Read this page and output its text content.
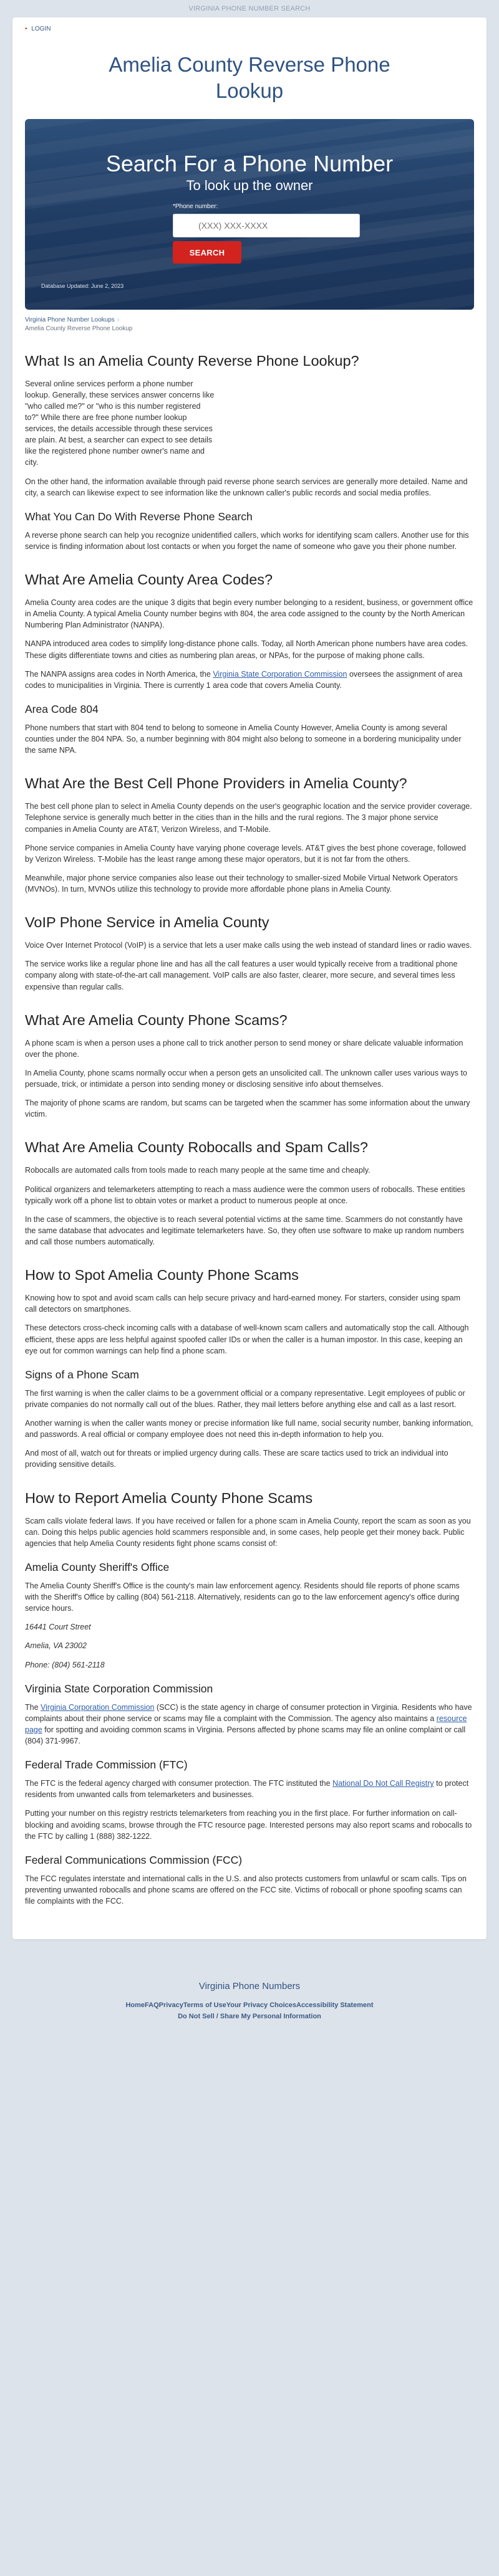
VIRGINIA PHONE NUMBER SEARCH
• LOGIN
Amelia County Reverse Phone Lookup
Search For a Phone Number
To look up the owner
*Phone number:
(XXX) XXX-XXXX SEARCH
Database Updated: June 2, 2023
Virginia Phone Number Lookups ›
Amelia County Reverse Phone Lookup
What Is an Amelia County Reverse Phone Lookup?

Several online services perform a phone number lookup. Generally, these services answer concerns like "who called me?" or "who is this number registered to?" While there are free phone number lookup services, the details accessible through these services are plain. At best, a searcher can expect to see details like the registered phone number owner's name and city.

On the other hand, the information available through paid reverse phone search services are generally more detailed. Name and city, a search can likewise expect to see information like the unknown caller's public records and social media profiles.

What You Can Do With Reverse Phone Search

A reverse phone search can help you recognize unidentified callers, which works for identifying scam callers. Another use for this service is finding information about lost contacts or when you forget the name of someone who gave you their phone number.

What Are Amelia County Area Codes?

Amelia County area codes are the unique 3 digits that begin every number belonging to a resident, business, or government office in Amelia County. A typical Amelia County number begins with 804, the area code assigned to the county by the North American Numbering Plan Administrator (NANPA).

NANPA introduced area codes to simplify long-distance phone calls. Today, all North American phone numbers have area codes. These digits differentiate towns and cities as numbering plan areas, or NPAs, for the purpose of making phone calls.

The NANPA assigns area codes in North America, the Virginia State Corporation Commission oversees the assignment of area codes to municipalities in Virginia. There is currently 1 area code that covers Amelia County.

Area Code 804

Phone numbers that start with 804 tend to belong to someone in Amelia County However, Amelia County is among several counties under the 804 NPA. So, a number beginning with 804 might also belong to someone in a bordering municipality under the same NPA.

What Are the Best Cell Phone Providers in Amelia County?

The best cell phone plan to select in Amelia County depends on the user's geographic location and the service provider coverage. Telephone service is generally much better in the cities than in the hills and the rural regions. The 3 major phone service companies in Amelia County are AT&T, Verizon Wireless, and T-Mobile.

Phone service companies in Amelia County have varying phone coverage levels. AT&T gives the best phone coverage, followed by Verizon Wireless. T-Mobile has the least range among these major operators, but it is not far from the others.

Meanwhile, major phone service companies also lease out their technology to smaller-sized Mobile Virtual Network Operators (MVNOs). In turn, MVNOs utilize this technology to provide more affordable phone plans in Amelia County.

VoIP Phone Service in Amelia County

Voice Over Internet Protocol (VoIP) is a service that lets a user make calls using the web instead of standard lines or radio waves.

The service works like a regular phone line and has all the call features a user would typically receive from a traditional phone company along with state-of-the-art call management. VoIP calls are also faster, clearer, more secure, and several times less expensive than regular calls.

What Are Amelia County Phone Scams?

A phone scam is when a person uses a phone call to trick another person to send money or share delicate valuable information over the phone.

In Amelia County, phone scams normally occur when a person gets an unsolicited call. The unknown caller uses various ways to persuade, trick, or intimidate a person into sending money or disclosing sensitive info about themselves.

The majority of phone scams are random, but scams can be targeted when the scammer has some information about the unwary victim.

What Are Amelia County Robocalls and Spam Calls?

Robocalls are automated calls from tools made to reach many people at the same time and cheaply.

Political organizers and telemarketers attempting to reach a mass audience were the common users of robocalls. These entities typically work off a phone list to obtain votes or market a product to numerous people at once.

In the case of scammers, the objective is to reach several potential victims at the same time. Scammers do not constantly have the same database that advocates and legitimate telemarketers have. So, they often use software to make up random numbers and call those numbers automatically.

How to Spot Amelia County Phone Scams

Knowing how to spot and avoid scam calls can help secure privacy and hard-earned money. For starters, consider using spam call detectors on smartphones.

These detectors cross-check incoming calls with a database of well-known scam callers and automatically stop the call. Although efficient, these apps are less helpful against spoofed caller IDs or when the caller is a human impostor. In this case, keeping an eye out for common warnings can help find a phone scam.

Signs of a Phone Scam

The first warning is when the caller claims to be a government official or a company representative. Legit employees of public or private companies do not normally call out of the blues. Rather, they mail letters before anything else and call as a last resort.

Another warning is when the caller wants money or precise information like full name, social security number, banking information, and passwords. A real official or company employee does not need this in-depth information to help you.

And most of all, watch out for threats or implied urgency during calls. These are scare tactics used to trick an individual into providing sensitive details.

How to Report Amelia County Phone Scams

Scam calls violate federal laws. If you have received or fallen for a phone scam in Amelia County, report the scam as soon as you can. Doing this helps public agencies hold scammers responsible and, in some cases, help people get their money back. Public agencies that help Amelia County residents fight phone scams consist of:

Amelia County Sheriff's Office

The Amelia County Sheriff's Office is the county's main law enforcement agency. Residents should file reports of phone scams with the Sheriff's Office by calling (804) 561-2118. Alternatively, residents can go to the law enforcement agency's office during service hours.

16441 Court Street

Amelia, VA 23002

Phone: (804) 561-2118

Virginia State Corporation Commission

The Virginia Corporation Commission (SCC) is the state agency in charge of consumer protection in Virginia. Residents who have complaints about their phone service or scams may file a complaint with the Commission. The agency also maintains a resource page for spotting and avoiding common scams in Virginia. Persons affected by phone scams may file an online complaint or call (804) 371-9967.

Federal Trade Commission (FTC)

The FTC is the federal agency charged with consumer protection. The FTC instituted the National Do Not Call Registry to protect residents from unwanted calls from telemarketers and businesses.

Putting your number on this registry restricts telemarketers from reaching you in the first place. For further information on call-blocking and avoiding scams, browse through the FTC resource page. Interested persons may also report scams and robocalls to the FTC by calling 1 (888) 382-1222.

Federal Communications Commission (FCC)

The FCC regulates interstate and international calls in the U.S. and also protects customers from unlawful or scam calls. Tips on preventing unwanted robocalls and phone scams are offered on the FCC site. Victims of robocall or phone spoofing scams can file complaints with the FCC.

Virginia Phone Numbers
HomeFAQPrivacyTerms of UseYour Privacy ChoicesAccessibility Statement
Do Not Sell / Share My Personal Information
